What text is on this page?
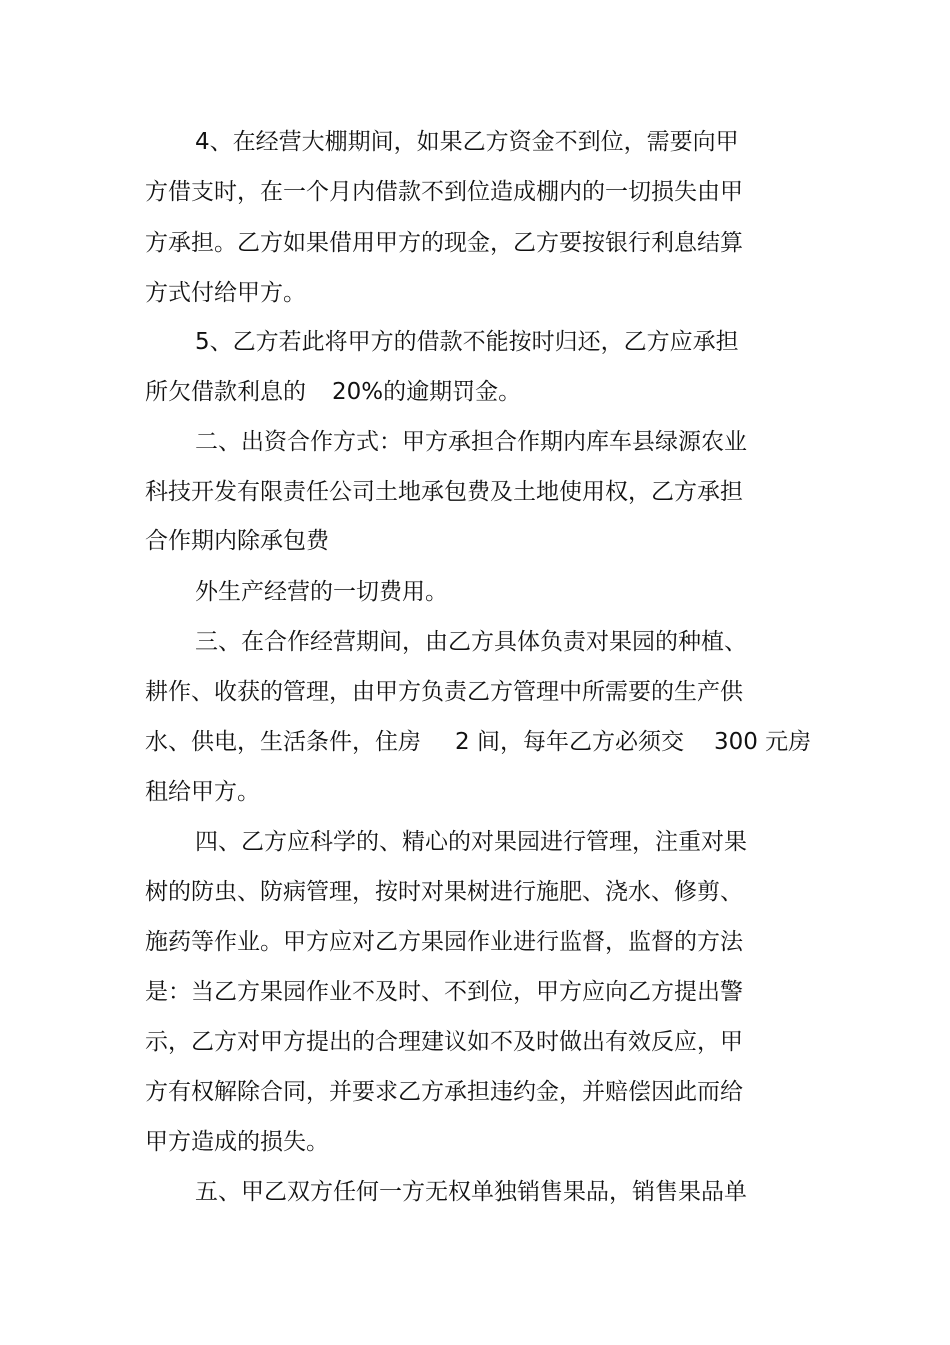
4、在经营大棚期间，如果乙方资金不到位，需要向甲
方借支时，在一个月内借款不到位造成棚内的一切损失由甲
方承担。乙方如果借用甲方的现金，乙方要按银行利息结算
方式付给甲方。
5、乙方若此将甲方的借款不能按时归还，乙方应承担
所欠借款利息的 20%的逾期罚金。
二、出资合作方式：甲方承担合作期内库车县绿源农业
科技开发有限责任公司土地承包费及土地使用权，乙方承担
合作期内除承包费
外生产经营的一切费用。
三、在合作经营期间，由乙方具体负责对果园的种植、
耕作、收获的管理，由甲方负责乙方管理中所需要的生产供
水、供电，生活条件，住房 2 间，每年乙方必须交 300 元房
租给甲方。
四、乙方应科学的、精心的对果园进行管理，注重对果
树的防虫、防病管理，按时对果树进行施肥、浇水、修剪、
施药等作业。甲方应对乙方果园作业进行监督，监督的方法
是：当乙方果园作业不及时、不到位，甲方应向乙方提出警
示，乙方对甲方提出的合理建议如不及时做出有效反应，甲
方有权解除合同，并要求乙方承担违约金，并赔偿因此而给
甲方造成的损失。
五、甲乙双方任何一方无权单独销售果品，销售果品单
